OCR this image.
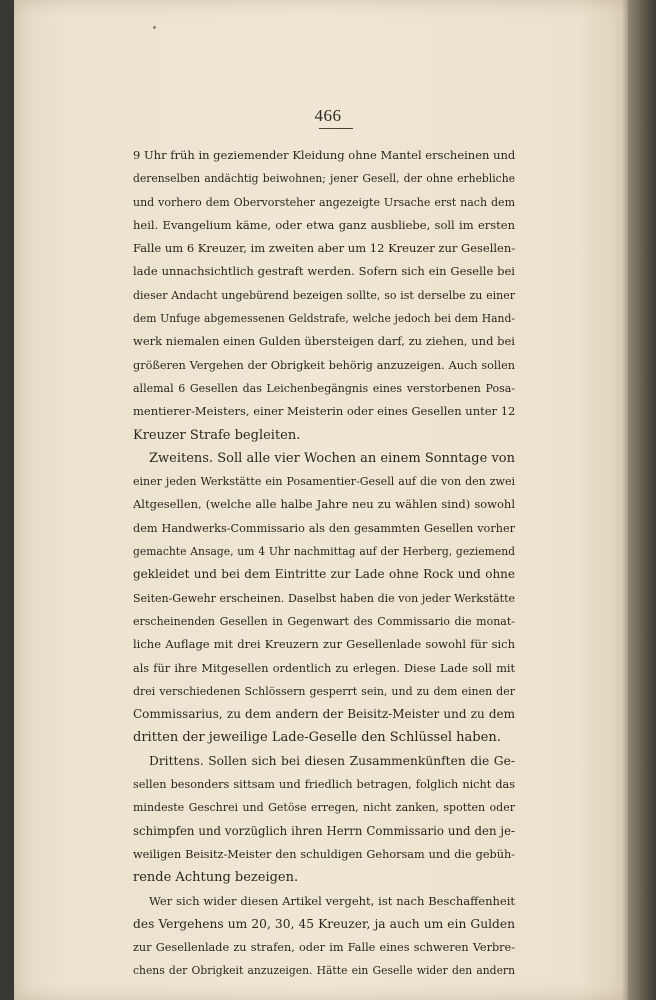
466
9 Uhr früh in geziemender Kleidung ohne Mantel erscheinen und
derenselben andächtig beiwohnen; jener Gesell, der ohne erhebliche
und vorhero dem Obervorsteher angezeigte Ursache erst nach dem
heil. Evangelium käme, oder etwa ganz ausbliebe, soll im ersten
Falle um 6 Kreuzer, im zweiten aber um 12 Kreuzer zur Gesellen-
lade unnachsichtlich gestraft werden. Sofern sich ein Geselle bei
dieser Andacht ungebürend bezeigen sollte, so ist derselbe zu einer
dem Unfuge abgemessenen Geldstrafe, welche jedoch bei dem Hand-
werk niemalen einen Gulden übersteigen darf, zu ziehen, und bei
größeren Vergehen der Obrigkeit behörig anzuzeigen. Auch sollen
allemal 6 Gesellen das Leichenbegängnis eines verstorbenen Posa-
mentierer-Meisters, einer Meisterin oder eines Gesellen unter 12
Kreuzer Strafe begleiten.
Zweitens. Soll alle vier Wochen an einem Sonntage von
einer jeden Werkstätte ein Posamentier-Gesell auf die von den zwei
Altgesellen, (welche alle halbe Jahre neu zu wählen sind) sowohl
dem Handwerks-Commissario als den gesammten Gesellen vorher
gemachte Ansage, um 4 Uhr nachmittag auf der Herberg, geziemend
gekleidet und bei dem Eintritte zur Lade ohne Rock und ohne
Seiten-Gewehr erscheinen. Daselbst haben die von jeder Werkstätte
erscheinenden Gesellen in Gegenwart des Commissario die monat-
liche Auflage mit drei Kreuzern zur Gesellenlade sowohl für sich
als für ihre Mitgesellen ordentlich zu erlegen. Diese Lade soll mit
drei verschiedenen Schlössern gesperrt sein, und zu dem einen der
Commissarius, zu dem andern der Beisitz-Meister und zu dem
dritten der jeweilige Lade-Geselle den Schlüssel haben.
Drittens. Sollen sich bei diesen Zusammenkünften die Ge-
sellen besonders sittsam und friedlich betragen, folglich nicht das
mindeste Geschrei und Getöse erregen, nicht zanken, spotten oder
schimpfen und vorzüglich ihren Herrn Commissario und den je-
weiligen Beisitz-Meister den schuldigen Gehorsam und die gebüh-
rende Achtung bezeigen.
Wer sich wider diesen Artikel vergeht, ist nach Beschaffenheit
des Vergehens um 20, 30, 45 Kreuzer, ja auch um ein Gulden
zur Gesellenlade zu strafen, oder im Falle eines schweren Verbre-
chens der Obrigkeit anzuzeigen. Hätte ein Geselle wider den andern
